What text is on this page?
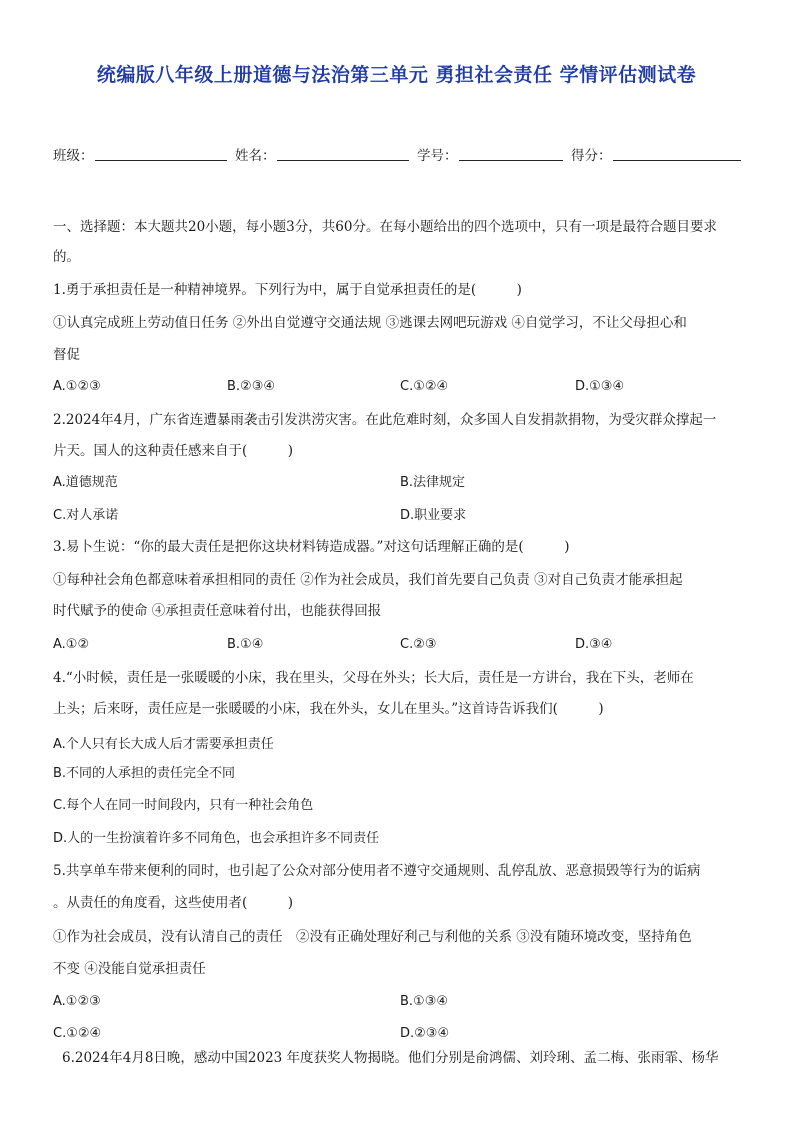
统编版八年级上册道德与法治第三单元 勇担社会责任 学情评估测试卷
班级：	姓名：	学号：	得分：
一、选择题：本大题共20小题，每小题3分，共60分。在每小题给出的四个选项中，只有一项是最符合题目要求
的。
1.勇于承担责任是一种精神境界。下列行为中，属于自觉承担责任的是(　　　)
①认真完成班上劳动值日任务 ②外出自觉遵守交通法规 ③逃课去网吧玩游戏 ④自觉学习，不让父母担心和
督促
A.①②③	B.②③④	C.①②④	D.①③④
2.2024年4月，广东省连遭暴雨袭击引发洪涝灾害。在此危难时刻，众多国人自发捐款捐物，为受灾群众撑起一
片天。国人的这种责任感来自于(　　　)
A.道德规范	B.法律规定
C.对人承诺	D.职业要求
3.易卜生说：“你的最大责任是把你这块材料铸造成器。”对这句话理解正确的是(　　　)
①每种社会角色都意味着承担相同的责任 ②作为社会成员，我们首先要自己负责 ③对自己负责才能承担起
时代赋予的使命 ④承担责任意味着付出，也能获得回报
A.①②	B.①④	C.②③	D.③④
4.“小时候，责任是一张暖暖的小床，我在里头，父母在外头；长大后，责任是一方讲台，我在下头，老师在
上头；后来呀，责任应是一张暖暖的小床，我在外头，女儿在里头。”这首诗告诉我们(　　　)
A.个人只有长大成人后才需要承担责任
B.不同的人承担的责任完全不同
C.每个人在同一时间段内，只有一种社会角色
D.人的一生扮演着许多不同角色，也会承担许多不同责任
5.共享单车带来便利的同时，也引起了公众对部分使用者不遵守交通规则、乱停乱放、恶意损毁等行为的诟病
。从责任的角度看，这些使用者(　　　)
①作为社会成员，没有认清自己的责任　②没有正确处理好利己与利他的关系 ③没有随环境改变，坚持角色
不变 ④没能自觉承担责任
A.①②③	B.①③④
C.①②④	D.②③④
6.2024年4月8日晚，感动中国2023 年度获奖人物揭晓。他们分别是俞鸿儒、刘玲琍、孟二梅、张雨霏、杨华
